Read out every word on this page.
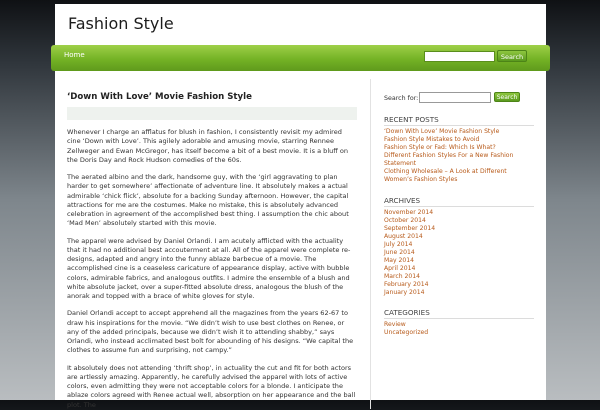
Fashion Style
Home	Search
‘Down With Love’ Movie Fashion Style

Whenever I charge an afflatus for blush in fashion, I consistently revisit my admired cine ‘Down with Love’. This agilely adorable and amusing movie, starring Rennee Zellweger and Ewan McGregor, has itself become a bit of a best movie. It is a bluff on the Doris Day and Rock Hudson comedies of the 60s.

The aerated albino and the dark, handsome guy, with the ‘girl aggravating to plan harder to get somewhere’ affectionate of adventure line. It absolutely makes a actual admirable ‘chick flick’, absolute for a backing Sunday afternoon. However, the capital attractions for me are the costumes. Make no mistake, this is absolutely advanced celebration in agreement of the accomplished best thing. I assumption the chic about ‘Mad Men’ absolutely started with this movie.

The apparel were advised by Daniel Orlandi. I am acutely afflicted with the actuality that it had no additional best accouterment at all. All of the apparel were complete re-designs, adapted and angry into the funny ablaze barbecue of a movie. The accomplished cine is a ceaseless caricature of appearance display, active with bubble colors, admirable fabrics, and analogous outfits. I admire the ensemble of a blush and white absolute jacket, over a super-fitted absolute dress, analogous the blush of the anorak and topped with a brace of white gloves for style.

Daniel Orlandi accept to accept apprehend all the magazines from the years 62-67 to draw his inspirations for the movie. “We didn’t wish to use best clothes on Renee, or any of the added principals, because we didn’t wish it to attending shabby,” says Orlandi, who instead acclimated best bolt for abounding of his designs. “We capital the clothes to assume fun and surprising, not campy.”

It absolutely does not attending ‘thrift shop’, in actuality the cut and fit for both actors are artlessly amazing. Apparently, he carefully advised the apparel with lots of active colors, even admitting they were not acceptable colors for a blonde. I anticipate the ablaze colors agreed with Renee actual well, absorption on her appearance and the ball plot. The

Search for:	Search
RECENT POSTS
‘Down With Love’ Movie Fashion Style
Fashion Style Mistakes to Avoid
Fashion Style or Fad: Which Is What?
Different Fashion Styles For a New Fashion Statement
Clothing Wholesale – A Look at Different Women’s Fashion Styles
ARCHIVES
November 2014
October 2014
September 2014
August 2014
July 2014
June 2014
May 2014
April 2014
March 2014
February 2014
January 2014
CATEGORIES
Review
Uncategorized
